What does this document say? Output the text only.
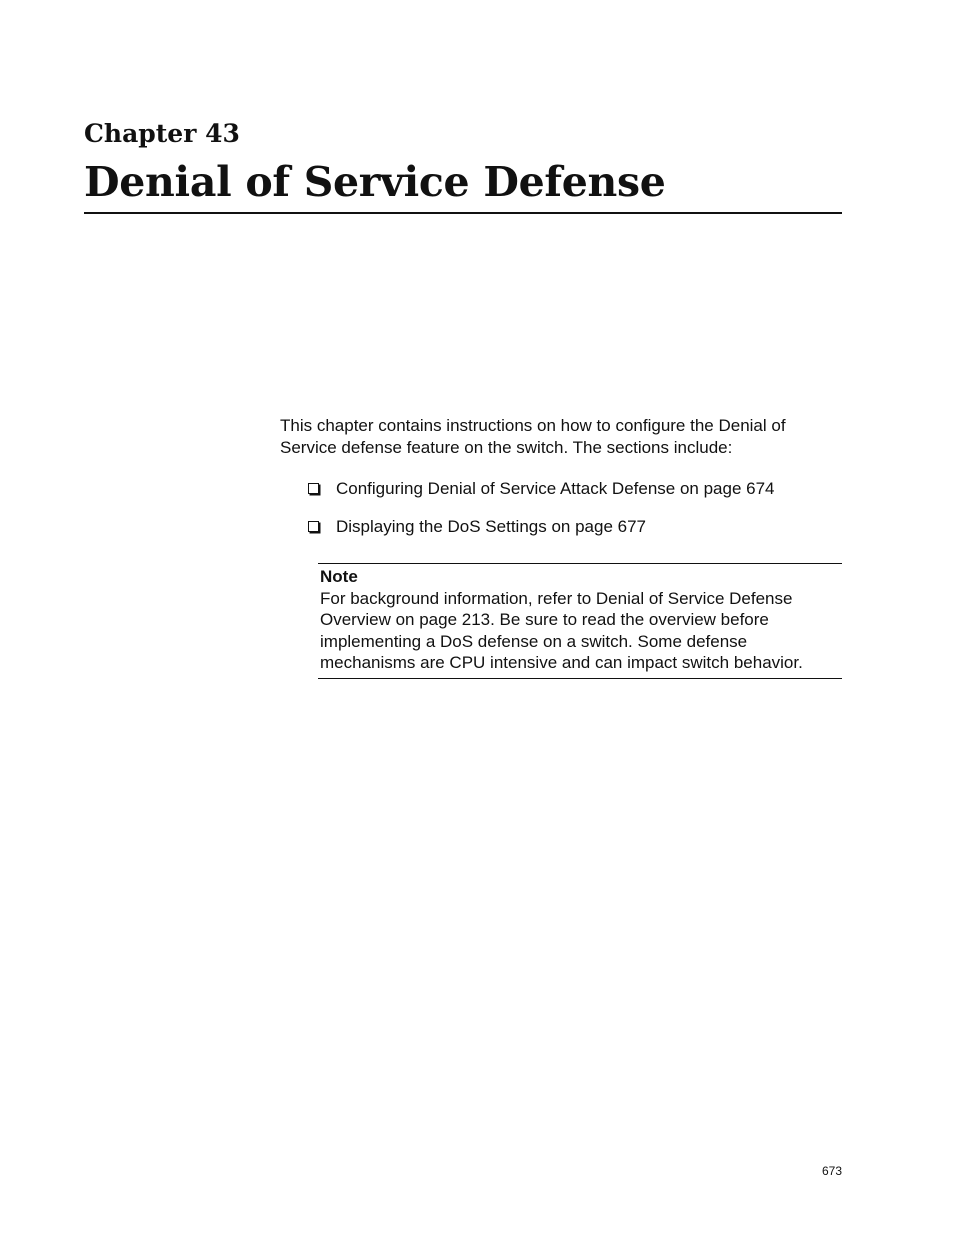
Chapter 43
Denial of Service Defense

This chapter contains instructions on how to configure the Denial of Service defense feature on the switch. The sections include:

Configuring Denial of Service Attack Defense on page 674
Displaying the DoS Settings on page 677
Note
For background information, refer to Denial of Service Defense Overview on page 213. Be sure to read the overview before implementing a DoS defense on a switch. Some defense mechanisms are CPU intensive and can impact switch behavior.
673
